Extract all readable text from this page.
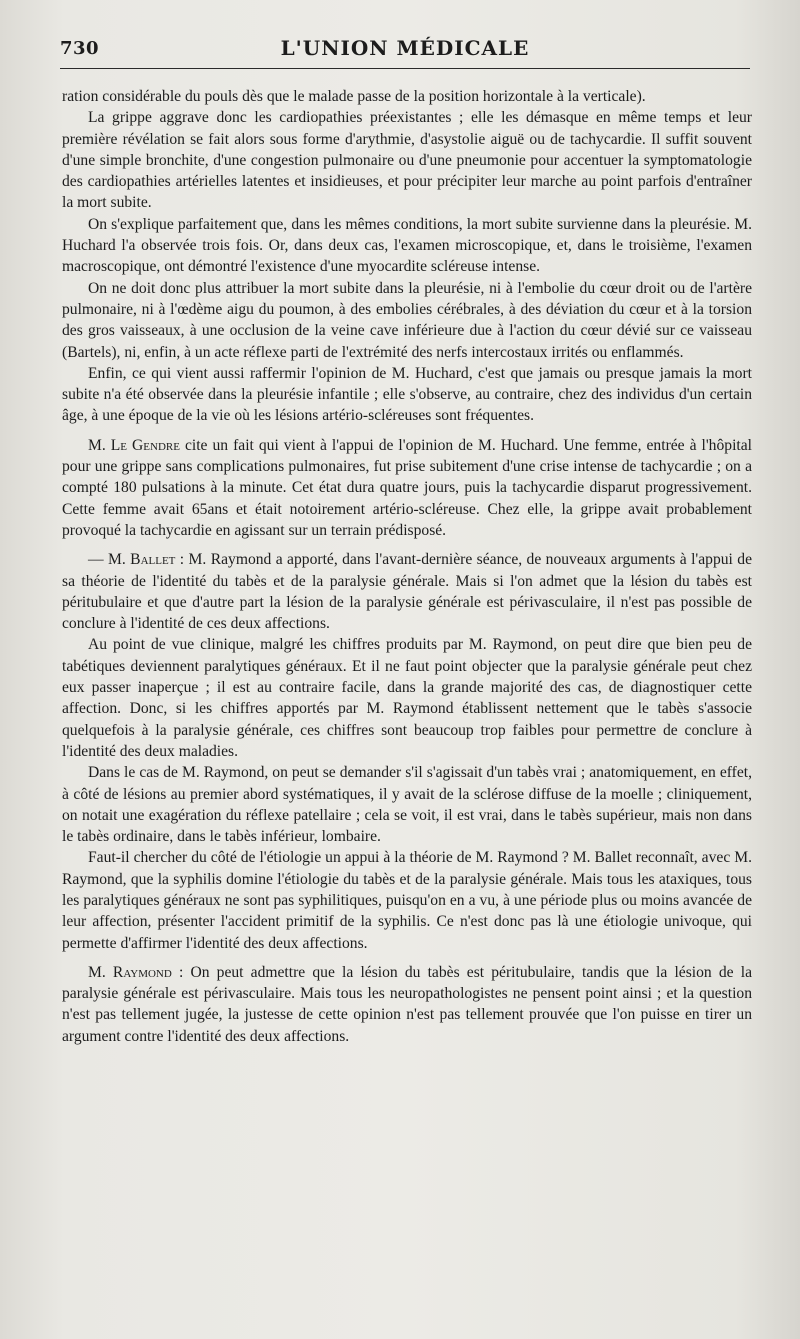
730	L'UNION MÉDICALE

ration considérable du pouls dès que le malade passe de la position horizontale à la verticale).

La grippe aggrave donc les cardiopathies préexistantes ; elle les démasque en même temps et leur première révélation se fait alors sous forme d'arythmie, d'asystolie aiguë ou de tachycardie. Il suffit souvent d'une simple bronchite, d'une congestion pulmonaire ou d'une pneumonie pour accentuer la symptomatologie des cardiopathies artérielles latentes et insidieuses, et pour précipiter leur marche au point parfois d'entraîner la mort subite.

On s'explique parfaitement que, dans les mêmes conditions, la mort subite survienne dans la pleurésie. M. Huchard l'a observée trois fois. Or, dans deux cas, l'examen microscopique, et, dans le troisième, l'examen macroscopique, ont démontré l'existence d'une myocardite scléreuse intense.

On ne doit donc plus attribuer la mort subite dans la pleurésie, ni à l'embolie du cœur droit ou de l'artère pulmonaire, ni à l'œdème aigu du poumon, à des embolies cérébrales, à des déviation du cœur et à la torsion des gros vaisseaux, à une occlusion de la veine cave inférieure due à l'action du cœur dévié sur ce vaisseau (Bartels), ni, enfin, à un acte réflexe parti de l'extrémité des nerfs intercostaux irrités ou enflammés.

Enfin, ce qui vient aussi raffermir l'opinion de M. Huchard, c'est que jamais ou presque jamais la mort subite n'a été observée dans la pleurésie infantile ; elle s'observe, au contraire, chez des individus d'un certain âge, à une époque de la vie où les lésions artério-scléreuses sont fréquentes.

M. Le Gendre cite un fait qui vient à l'appui de l'opinion de M. Huchard. Une femme, entrée à l'hôpital pour une grippe sans complications pulmonaires, fut prise subitement d'une crise intense de tachycardie ; on a compté 180 pulsations à la minute. Cet état dura quatre jours, puis la tachycardie disparut progressivement. Cette femme avait 65ans et était notoirement artério-scléreuse. Chez elle, la grippe avait probablement provoqué la tachycardie en agissant sur un terrain prédisposé.

— M. Ballet : M. Raymond a apporté, dans l'avant-dernière séance, de nouveaux arguments à l'appui de sa théorie de l'identité du tabès et de la paralysie générale. Mais si l'on admet que la lésion du tabès est péritubulaire et que d'autre part la lésion de la paralysie générale est périvasculaire, il n'est pas possible de conclure à l'identité de ces deux affections.

Au point de vue clinique, malgré les chiffres produits par M. Raymond, on peut dire que bien peu de tabétiques deviennent paralytiques généraux. Et il ne faut point objecter que la paralysie générale peut chez eux passer inaperçue ; il est au contraire facile, dans la grande majorité des cas, de diagnostiquer cette affection. Donc, si les chiffres apportés par M. Raymond établissent nettement que le tabès s'associe quelquefois à la paralysie générale, ces chiffres sont beaucoup trop faibles pour permettre de conclure à l'identité des deux maladies.

Dans le cas de M. Raymond, on peut se demander s'il s'agissait d'un tabès vrai ; anatomiquement, en effet, à côté de lésions au premier abord systématiques, il y avait de la sclérose diffuse de la moelle ; cliniquement, on notait une exagération du réflexe patellaire ; cela se voit, il est vrai, dans le tabès supérieur, mais non dans le tabès ordinaire, dans le tabès inférieur, lombaire.

Faut-il chercher du côté de l'étiologie un appui à la théorie de M. Raymond ? M. Ballet reconnaît, avec M. Raymond, que la syphilis domine l'étiologie du tabès et de la paralysie générale. Mais tous les ataxiques, tous les paralytiques généraux ne sont pas syphilitiques, puisqu'on en a vu, à une période plus ou moins avancée de leur affection, présenter l'accident primitif de la syphilis. Ce n'est donc pas là une étiologie univoque, qui permette d'affirmer l'identité des deux affections.

M. Raymond : On peut admettre que la lésion du tabès est péritubulaire, tandis que la lésion de la paralysie générale est périvasculaire. Mais tous les neuropathologistes ne pensent point ainsi ; et la question n'est pas tellement jugée, la justesse de cette opinion n'est pas tellement prouvée que l'on puisse en tirer un argument contre l'identité des deux affections.
